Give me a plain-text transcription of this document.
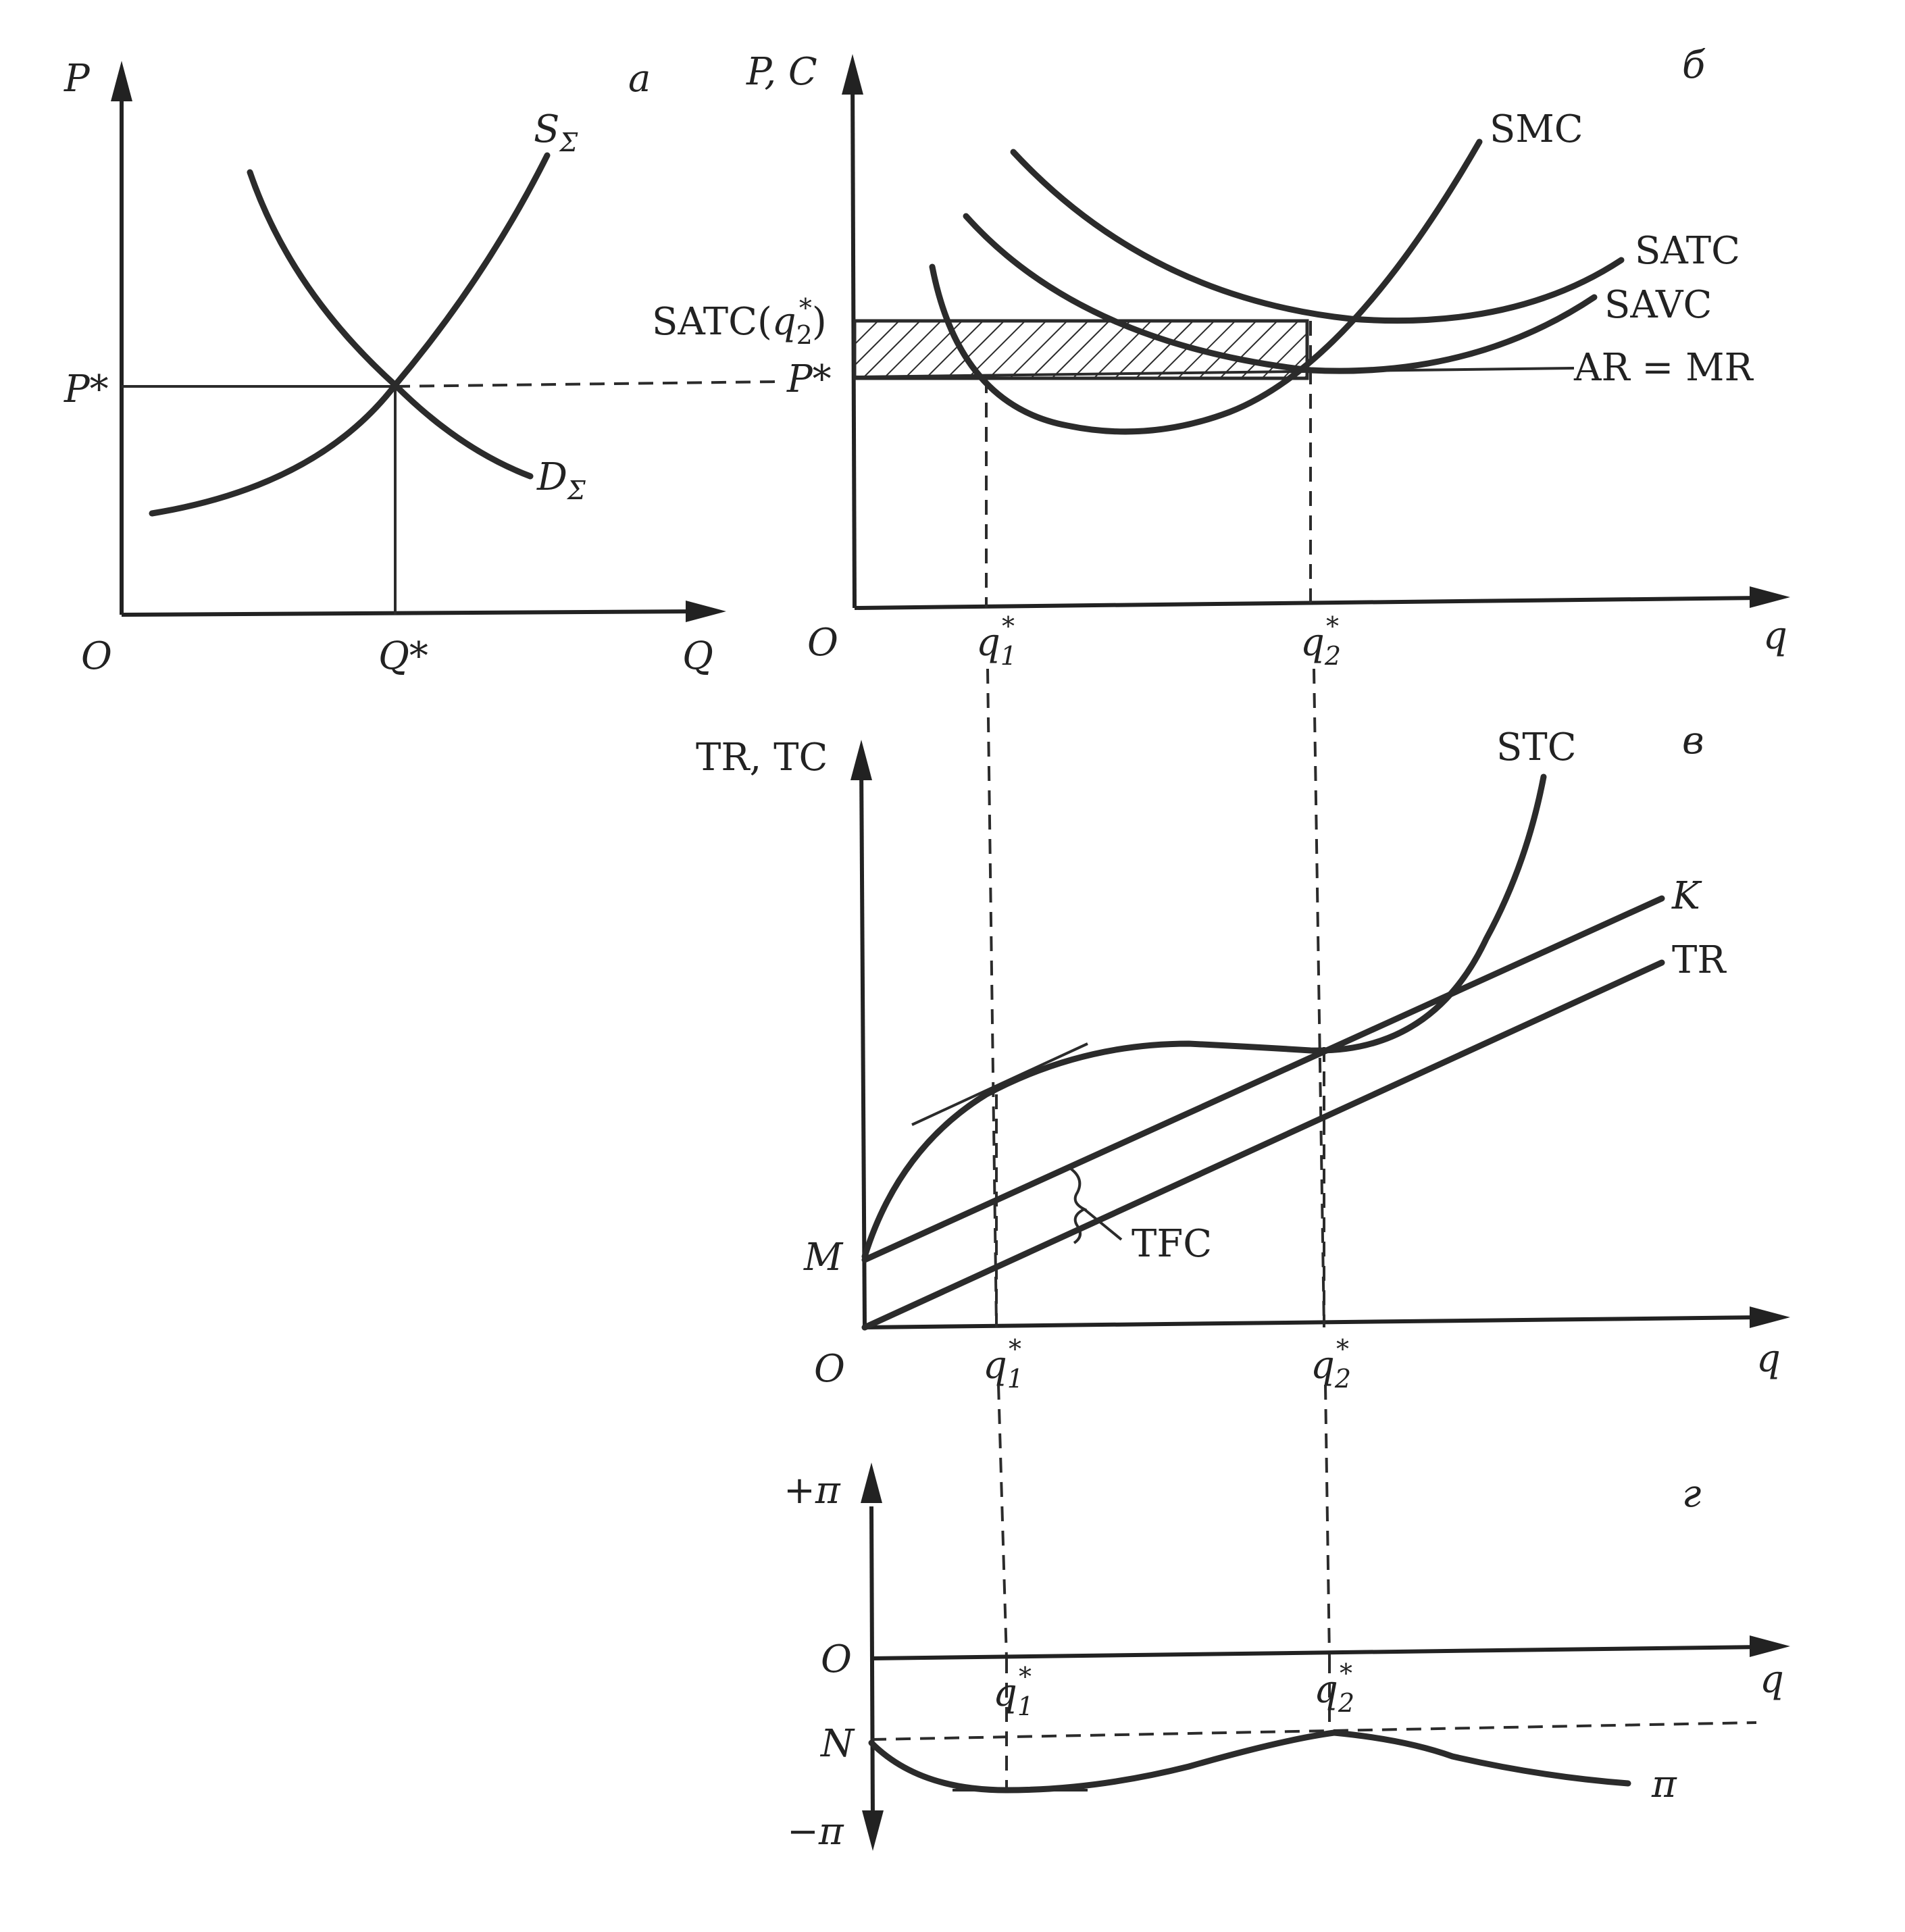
P	а
O	Q
P*
Q*
$S_\Sigma$
$D_\Sigma$
P, C	б
O	q
SMC
SATC
SAVC
AR = MR
P*
$SATC(q_2*)$
$q_1*$	$q_2*$
TR, TC	в
STC
K
TR
TFC
M
O	q
$q_1*$	$q_2*$
+π
−π
г
O	q
N
π
$q_1*$	$q_2*$
